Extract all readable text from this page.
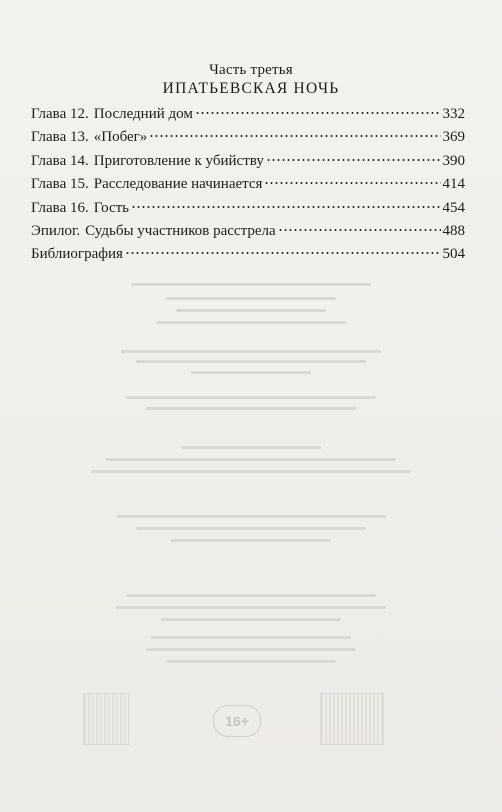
Часть третья
ИПАТЬЕВСКАЯ НОЧЬ
Глава 12. Последний дом	332
Глава 13. «Побег»	369
Глава 14. Приготовление к убийству	390
Глава 15. Расследование начинается	414
Глава 16. Гость	454
Эпилог. Судьбы участников расстрела	488
Библиография	504
16+
